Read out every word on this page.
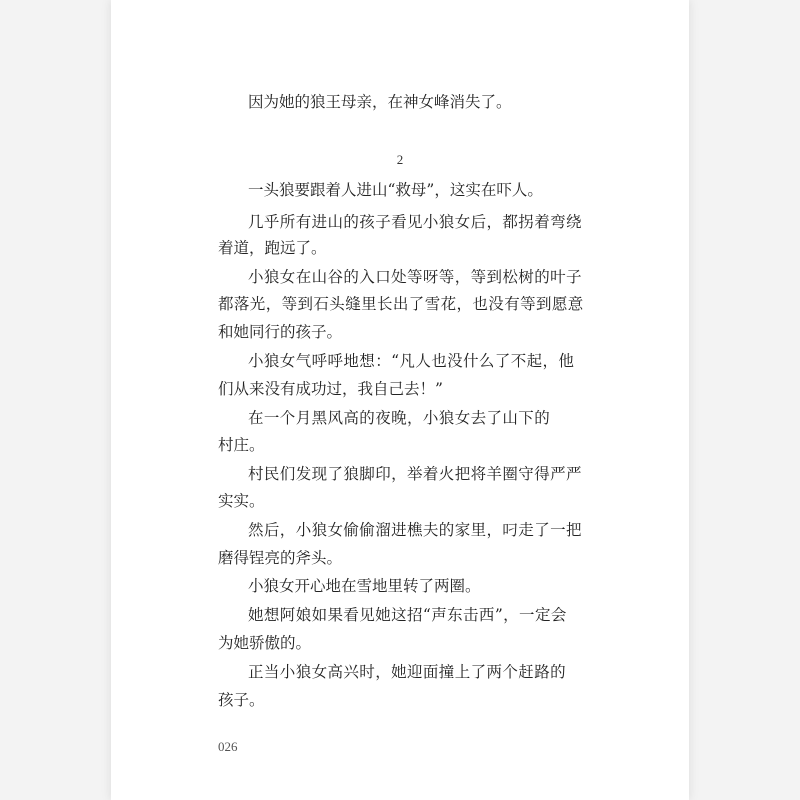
因为她的狼王母亲，在神女峰消失了。

2

一头狼要跟着人进山“救母”，这实在吓人。

几乎所有进山的孩子看见小狼女后，都拐着弯绕

着道，跑远了。

小狼女在山谷的入口处等呀等，等到松树的叶子

都落光，等到石头缝里长出了雪花，也没有等到愿意

和她同行的孩子。

小狼女气呼呼地想：“凡人也没什么了不起，他

们从来没有成功过，我自己去！”

在一个月黑风高的夜晚，小狼女去了山下的

村庄。

村民们发现了狼脚印，举着火把将羊圈守得严严

实实。

然后，小狼女偷偷溜进樵夫的家里，叼走了一把

磨得锃亮的斧头。

小狼女开心地在雪地里转了两圈。

她想阿娘如果看见她这招“声东击西”，一定会

为她骄傲的。

正当小狼女高兴时，她迎面撞上了两个赶路的

孩子。

026
